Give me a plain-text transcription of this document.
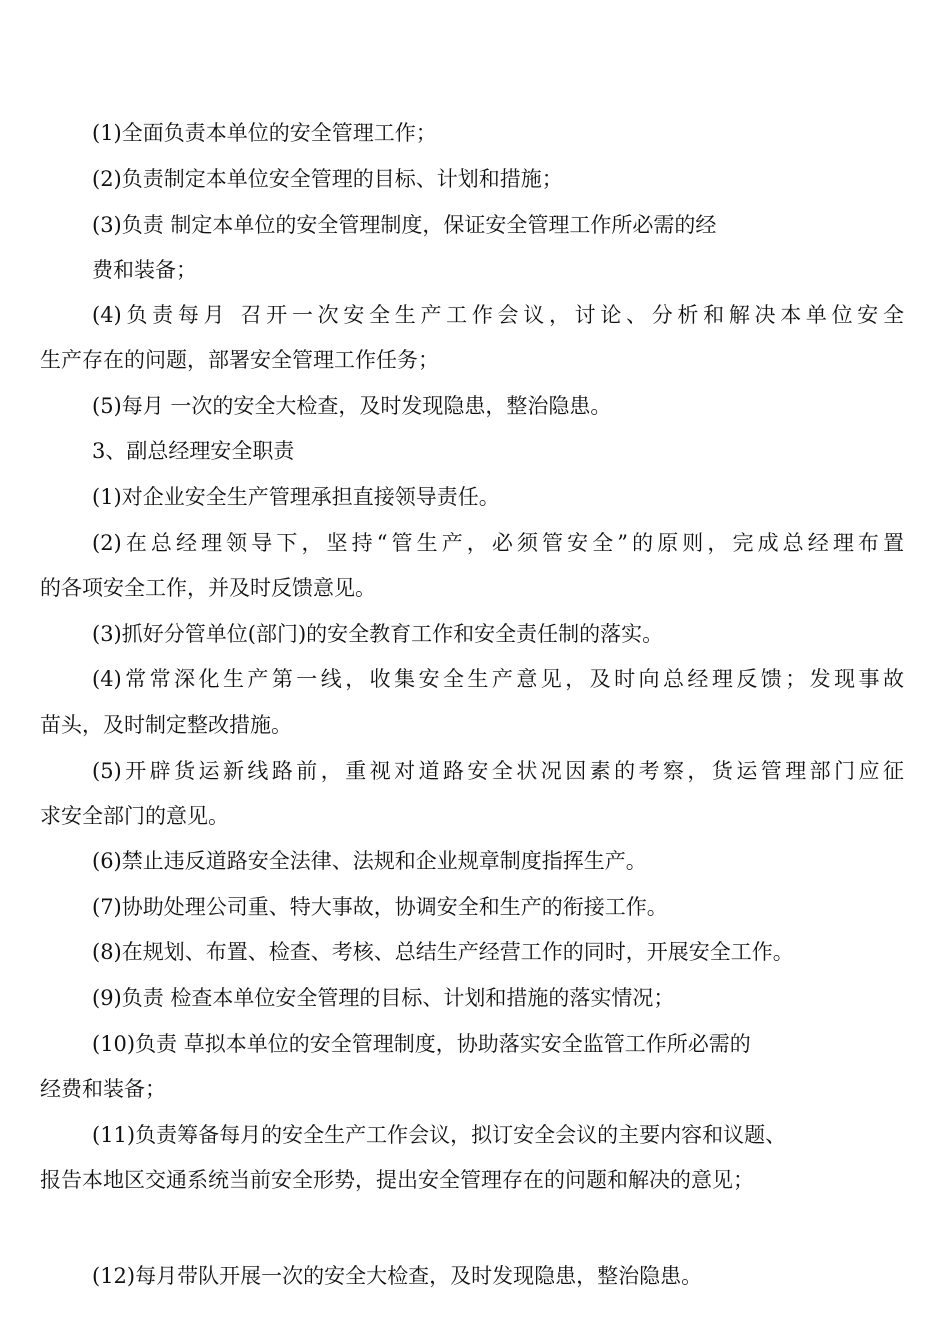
(1)全面负责本单位的安全管理工作；
(2)负责制定本单位安全管理的目标、计划和措施；
(3)负责 制定本单位的安全管理制度，保证安全管理工作所必需的经
费和装备；
(4)负责每月 召开一次安全生产工作会议，讨论、分析和解决本单位安全
生产存在的问题，部署安全管理工作任务；
(5)每月 一次的安全大检查，及时发现隐患，整治隐患。
3、副总经理安全职责
(1)对企业安全生产管理承担直接领导责任。
(2)在总经理领导下，坚持“管生产，必须管安全”的原则，完成总经理布置
的各项安全工作，并及时反馈意见。
(3)抓好分管单位(部门)的安全教育工作和安全责任制的落实。
(4)常常深化生产第一线，收集安全生产意见，及时向总经理反馈；发现事故
苗头，及时制定整改措施。
(5)开辟货运新线路前，重视对道路安全状况因素的考察，货运管理部门应征
求安全部门的意见。
(6)禁止违反道路安全法律、法规和企业规章制度指挥生产。
(7)协助处理公司重、特大事故，协调安全和生产的衔接工作。
(8)在规划、布置、检查、考核、总结生产经营工作的同时，开展安全工作。
(9)负责 检查本单位安全管理的目标、计划和措施的落实情况；
(10)负责 草拟本单位的安全管理制度，协助落实安全监管工作所必需的
经费和装备；
(11)负责筹备每月的安全生产工作会议，拟订安全会议的主要内容和议题、
报告本地区交通系统当前安全形势，提出安全管理存在的问题和解决的意见；
(12)每月带队开展一次的安全大检查，及时发现隐患，整治隐患。
